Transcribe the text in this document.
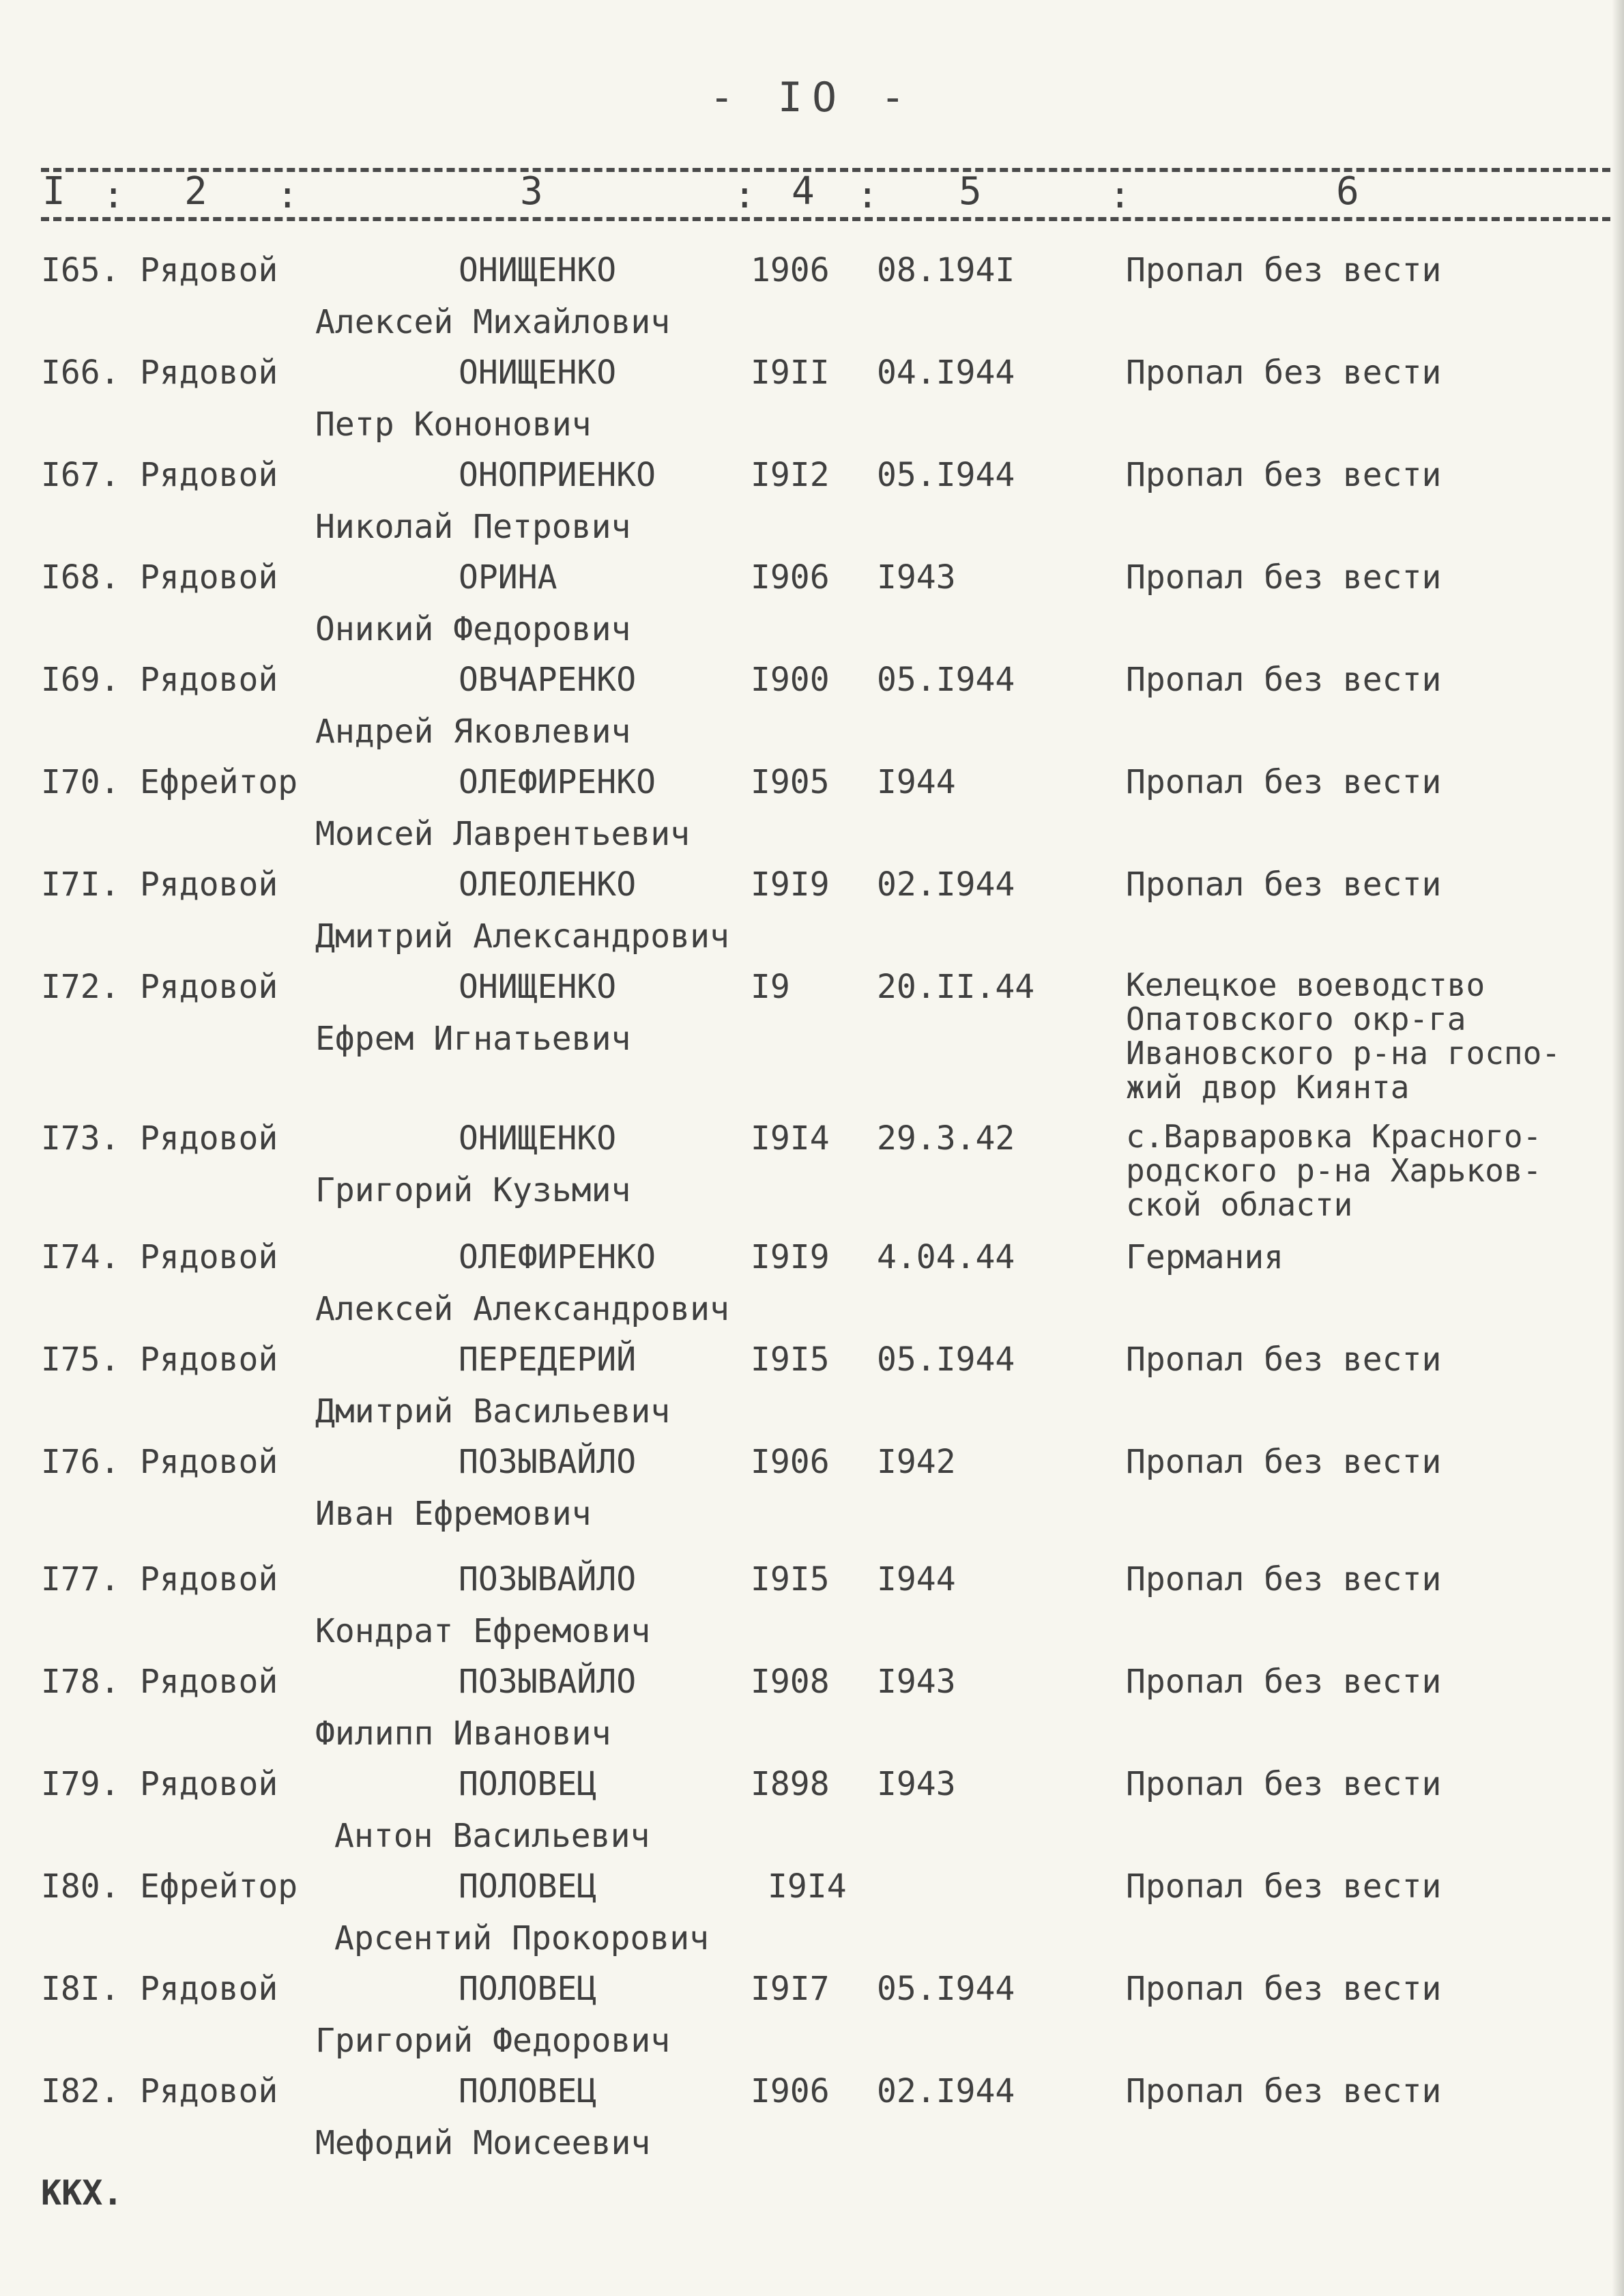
- IO -
I : 2 :	3	: 4 : 5	:	6
I65. Рядовой	ОНИЩЕНКО	1906 08.194I	Пропал без вести
Алексей Михайлович
I66. Рядовой	ОНИЩЕНКО	I9II 04.I944	Пропал без вести
Петр Кононович
I67. Рядовой	ОНОПРИЕНКО	I9I2 05.I944	Пропал без вести
Николай Петрович
I68. Рядовой	ОРИНА	I906 I943	Пропал без вести
Оникий Федорович
I69. Рядовой	ОВЧАРЕНКО	I900 05.I944	Пропал без вести
Андрей Яковлевич
I70. Ефрейтор	ОЛЕФИРЕНКО	I905 I944	Пропал без вести
Моисей Лаврентьевич
I7I. Рядовой	ОЛЕОЛЕНКО	I9I9 02.I944	Пропал без вести
Дмитрий Александрович
I72. Рядовой	ОНИЩЕНКО	I9	20.II.44	Келецкое воеводство
Опатовского окр-га
Ивановского р-на госпо-
жий двор Киянта
Ефрем Игнатьевич
I73. Рядовой	ОНИЩЕНКО	I9I4 29.3.42	с.Варваровка Красного-
родского р-на Харьков-
ской области
Григорий Кузьмич
I74. Рядовой	ОЛЕФИРЕНКО	I9I9 4.04.44	Германия
Алексей Александрович
I75. Рядовой	ПЕРЕДЕРИЙ	I9I5 05.I944	Пропал без вести
Дмитрий Васильевич
I76. Рядовой	ПОЗЫВАЙЛО	I906 I942	Пропал без вести
Иван Ефремович
I77. Рядовой	ПОЗЫВАЙЛО	I9I5 I944	Пропал без вести
Кондрат Ефремович
I78. Рядовой	ПОЗЫВАЙЛО	I908 I943	Пропал без вести
Филипп Иванович
I79. Рядовой	ПОЛОВЕЦ	I898 I943	Пропал без вести
Антон Васильевич
I80. Ефрейтор	ПОЛОВЕЦ	I9I4	Пропал без вести
Арсентий Прокорович
I8I. Рядовой	ПОЛОВЕЦ	I9I7 05.I944	Пропал без вести
Григорий Федорович
I82. Рядовой	ПОЛОВЕЦ	I906 02.I944	Пропал без вести
Мефодий Моисеевич
ККХ.
